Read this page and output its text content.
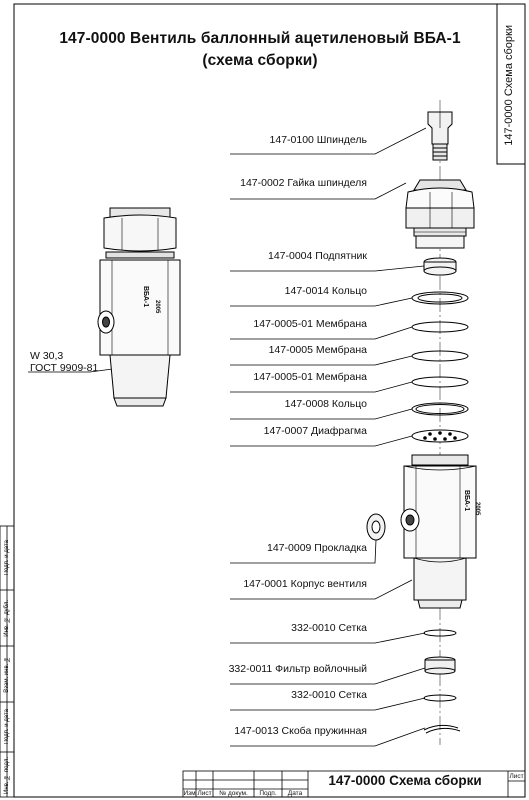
147-0000 Вентиль баллонный ацетиленовый ВБА-1
(схема сборки)	147-0000 Схема сборки
147-0100 Шпиндель
147-0002 Гайка шпинделя
147-0004 Подпятник
147-0014 Кольцо
147-0005-01 Мембрана
147-0005 Мембрана
147-0005-01 Мембрана
147-0008 Кольцо
147-0007 Диафрагма
147-0009 Прокладка
147-0001 Корпус вентиля
332-0010 Сетка
332-0011 Фильтр войлочный
332-0010 Сетка
147-0013 Скоба пружинная
W 30,3
ГОСТ 9909-81
ВБА-1 2005
ВБА-1 2005
Подп. и дата
Инв. № дубл.
Взам. инв. №
Подп. и дата
Инв. № подл.
Изм Лист	№ докум.	Подп.	Дата
147-0000 Схема сборки	Лист
